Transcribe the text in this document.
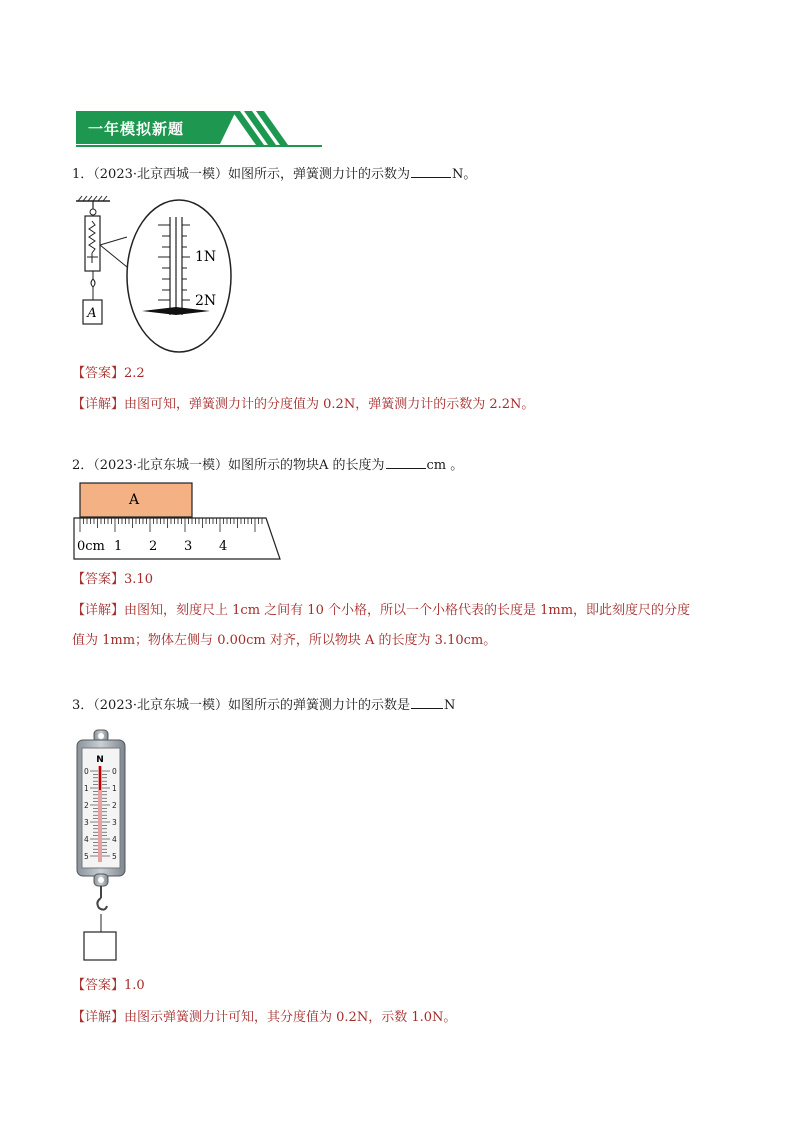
一年模拟新题
1．（2023·北京西城一模）如图所示，弹簧测力计的示数为	N。
A
1N
2N
【答案】2.2
【详解】由图可知，弹簧测力计的分度值为 0.2N，弹簧测力计的示数为 2.2N。
2．（2023·北京东城一模）如图所示的物块A 的长度为	cm 。
A
0cm 1 2 3 4
【答案】3.10
【详解】由图知，刻度尺上 1cm 之间有 10 个小格，所以一个小格代表的长度是 1mm，即此刻度尺的分度
值为 1mm；物体左侧与 0.00cm 对齐，所以物块 A 的长度为 3.10cm。
3．（2023·北京东城一模）如图所示的弹簧测力计的示数是	N
N
0
1
2
3
4
5
0
1
2
3
4
5
【答案】1.0
【详解】由图示弹簧测力计可知，其分度值为 0.2N，示数 1.0N。
